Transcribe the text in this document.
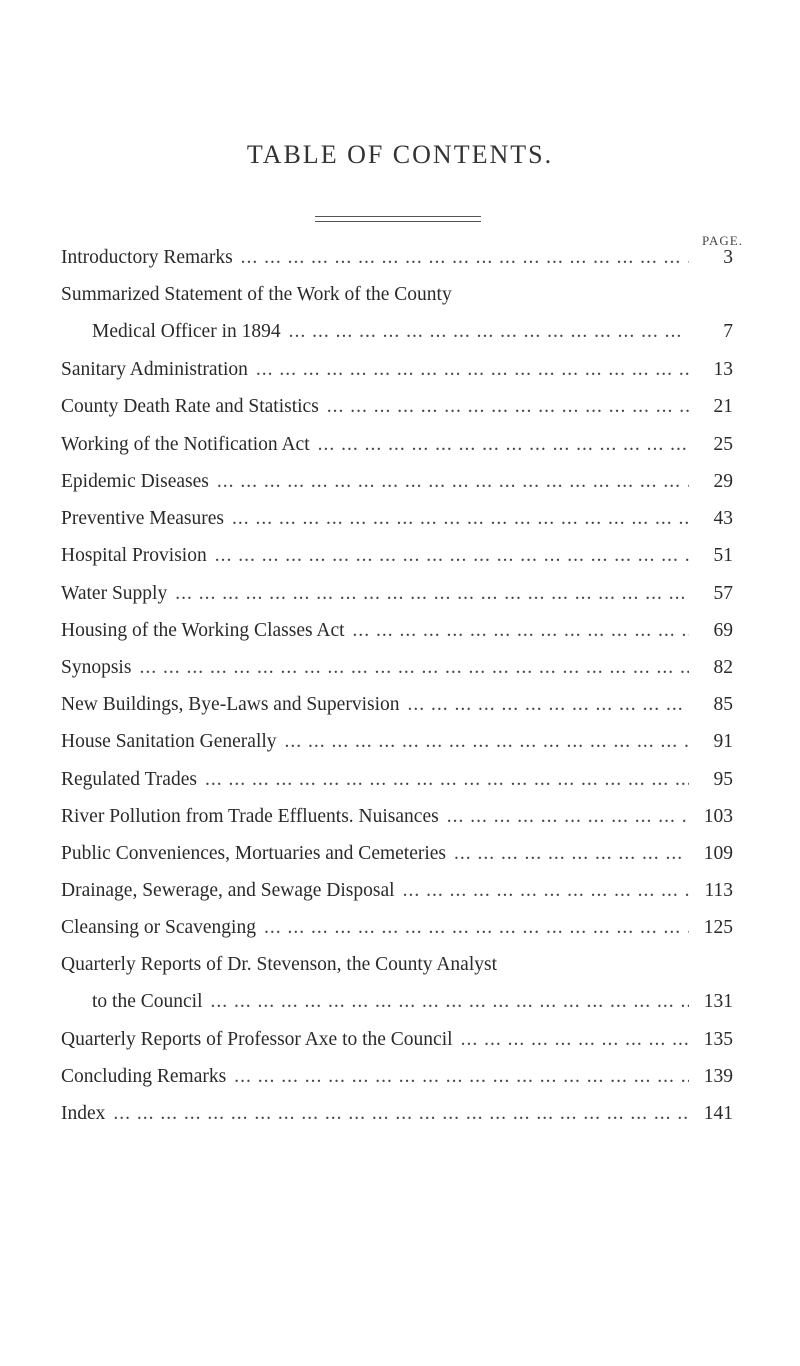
TABLE OF CONTENTS.
PAGE.
Introductory Remarks ...	3
Summarized Statement of the Work of the County
Medical Officer in 1894 ...	7
Sanitary Administration ...	13
County Death Rate and Statistics ...	21
Working of the Notification Act ...	25
Epidemic Diseases ...	29
Preventive Measures ...	43
Hospital Provision ...	51
Water Supply ...	57
Housing of the Working Classes Act ...	69
Synopsis ...	82
New Buildings, Bye-Laws and Supervision ...	85
House Sanitation Generally ...	91
Regulated Trades ...	95
River Pollution from Trade Effluents. Nuisances ...	103
Public Conveniences, Mortuaries and Cemeteries ...	109
Drainage, Sewerage, and Sewage Disposal ...	113
Cleansing or Scavenging ...	125
Quarterly Reports of Dr. Stevenson, the County Analyst
to the Council ...	131
Quarterly Reports of Professor Axe to the Council ...	135
Concluding Remarks ...	139
Index ...	141
